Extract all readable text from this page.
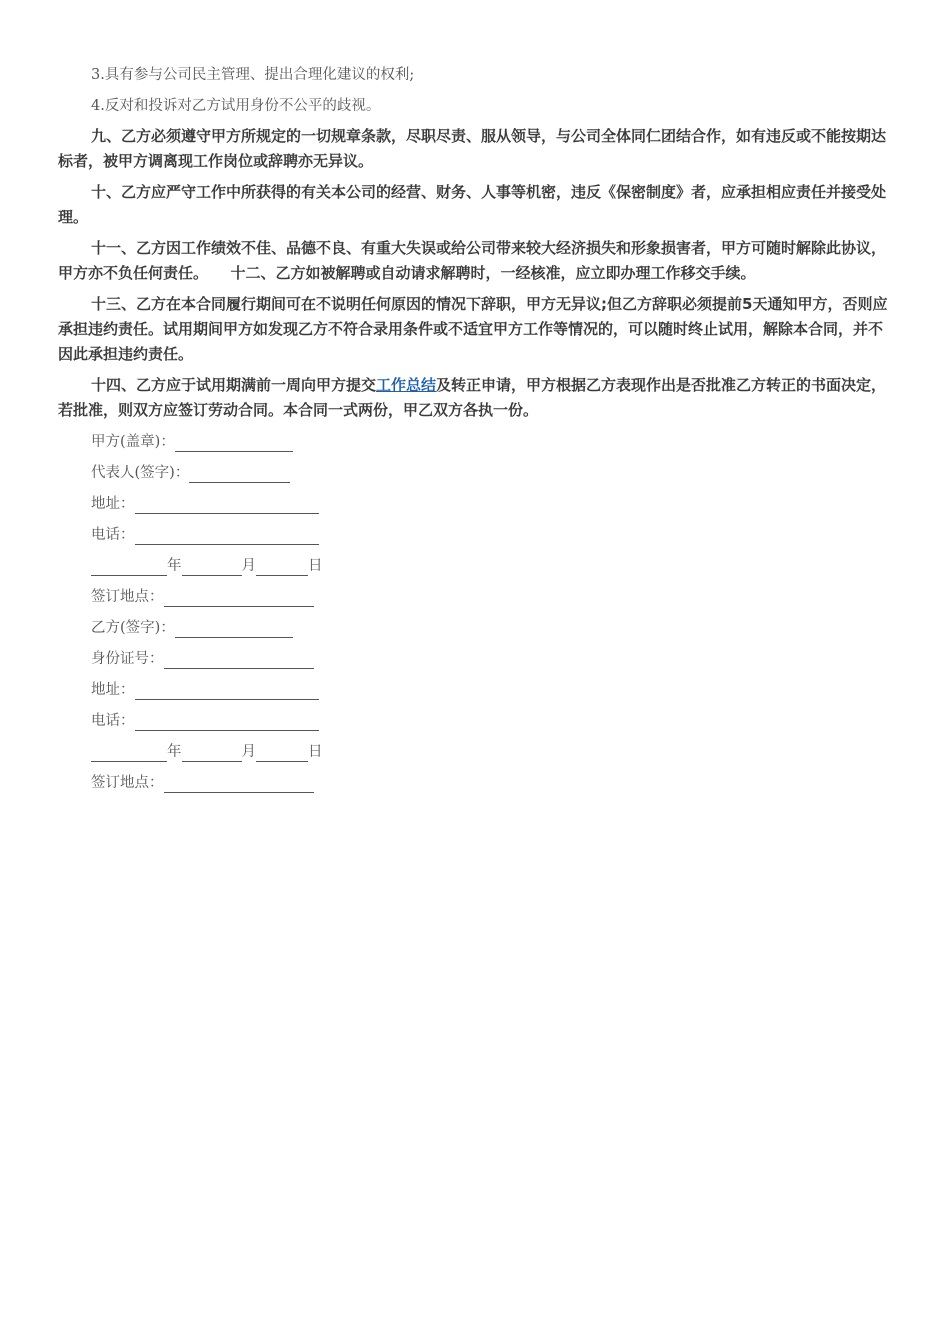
3.具有参与公司民主管理、提出合理化建议的权利;

4.反对和投诉对乙方试用身份不公平的歧视。

九、乙方必须遵守甲方所规定的一切规章条款，尽职尽责、服从领导，与公司全体同仁团结合作，如有违反或不能按期达标者，被甲方调离现工作岗位或辞聘亦无异议。

十、乙方应严守工作中所获得的有关本公司的经营、财务、人事等机密，违反《保密制度》者，应承担相应责任并接受处理。

十一、乙方因工作绩效不佳、品德不良、有重大失误或给公司带来较大经济损失和形象损害者，甲方可随时解除此协议，甲方亦不负任何责任。　　十二、乙方如被解聘或自动请求解聘时，一经核准，应立即办理工作移交手续。

十三、乙方在本合同履行期间可在不说明任何原因的情况下辞职，甲方无异议;但乙方辞职必须提前5天通知甲方，否则应承担违约责任。试用期间甲方如发现乙方不符合录用条件或不适宜甲方工作等情况的，可以随时终止试用，解除本合同，并不因此承担违约责任。

十四、乙方应于试用期满前一周向甲方提交工作总结及转正申请，甲方根据乙方表现作出是否批准乙方转正的书面决定，若批准，则双方应签订劳动合同。本合同一式两份，甲乙双方各执一份。

甲方(盖章)：
代表人(签字)：
地址：
电话：
年	月	日
签订地点：
乙方(签字)：
身份证号：
地址：
电话：
年	月	日
签订地点：
